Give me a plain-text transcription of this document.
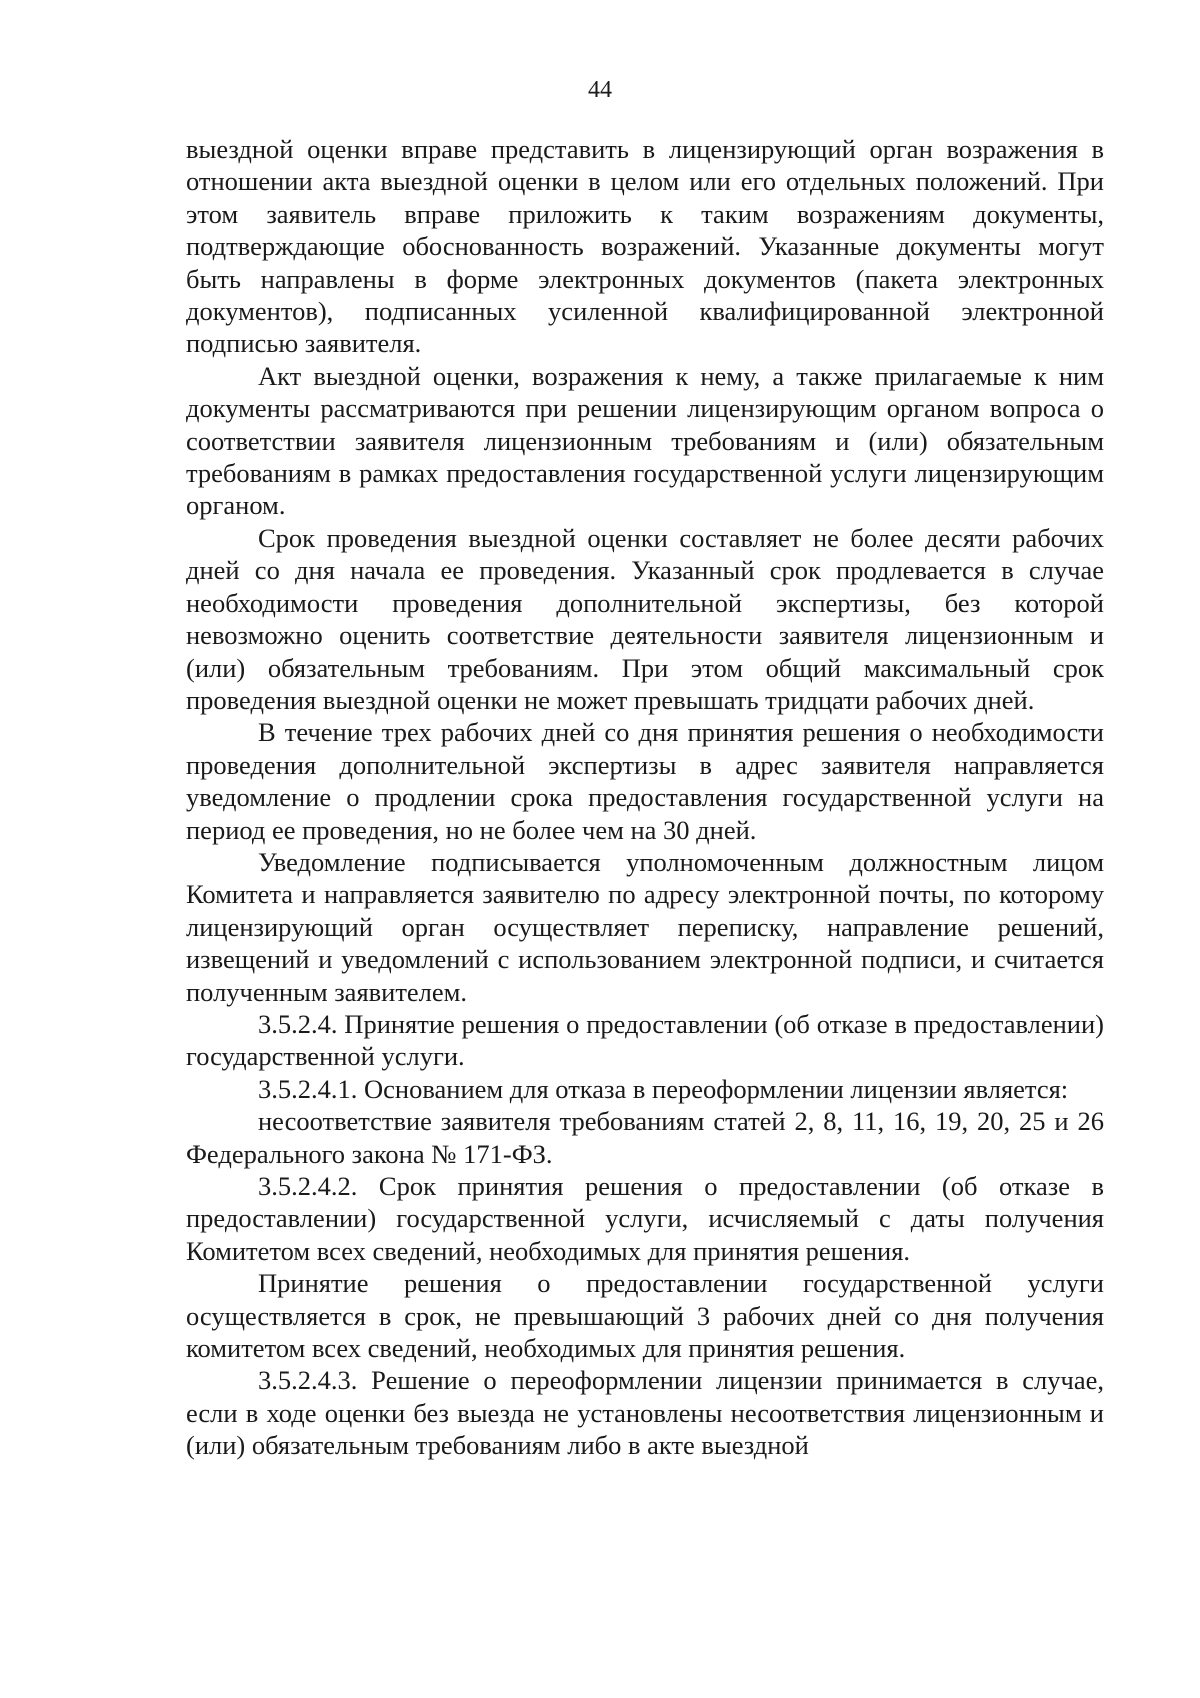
44

выездной оценки вправе представить в лицензирующий орган возражения в отношении акта выездной оценки в целом или его отдельных положений. При этом заявитель вправе приложить к таким возражениям документы, подтверждающие обоснованность возражений. Указанные документы могут быть направлены в форме электронных документов (пакета электронных документов), подписанных усиленной квалифицированной электронной подписью заявителя.

Акт выездной оценки, возражения к нему, а также прилагаемые к ним документы рассматриваются при решении лицензирующим органом вопроса о соответствии заявителя лицензионным требованиям и (или) обязательным требованиям в рамках предоставления государственной услуги лицензирующим органом.

Срок проведения выездной оценки составляет не более десяти рабочих дней со дня начала ее проведения. Указанный срок продлевается в случае необходимости проведения дополнительной экспертизы, без которой невозможно оценить соответствие деятельности заявителя лицензионным и (или) обязательным требованиям. При этом общий максимальный срок проведения выездной оценки не может превышать тридцати рабочих дней.

В течение трех рабочих дней со дня принятия решения о необходимости проведения дополнительной экспертизы в адрес заявителя направляется уведомление о продлении срока предоставления государственной услуги на период ее проведения, но не более чем на 30 дней.

Уведомление подписывается уполномоченным должностным лицом Комитета и направляется заявителю по адресу электронной почты, по которому лицензирующий орган осуществляет переписку, направление решений, извещений и уведомлений с использованием электронной подписи, и считается полученным заявителем.

3.5.2.4. Принятие решения о предоставлении (об отказе в предоставлении) государственной услуги.

3.5.2.4.1. Основанием для отказа в переоформлении лицензии является:

несоответствие заявителя требованиям статей 2, 8, 11, 16, 19, 20, 25 и 26 Федерального закона № 171-ФЗ.

3.5.2.4.2. Срок принятия решения о предоставлении (об отказе в предоставлении) государственной услуги, исчисляемый с даты получения Комитетом всех сведений, необходимых для принятия решения.

Принятие решения о предоставлении государственной услуги осуществляется в срок, не превышающий 3 рабочих дней со дня получения комитетом всех сведений, необходимых для принятия решения.

3.5.2.4.3. Решение о переоформлении лицензии принимается в случае, если в ходе оценки без выезда не установлены несоответствия лицензионным и (или) обязательным требованиям либо в акте выездной
